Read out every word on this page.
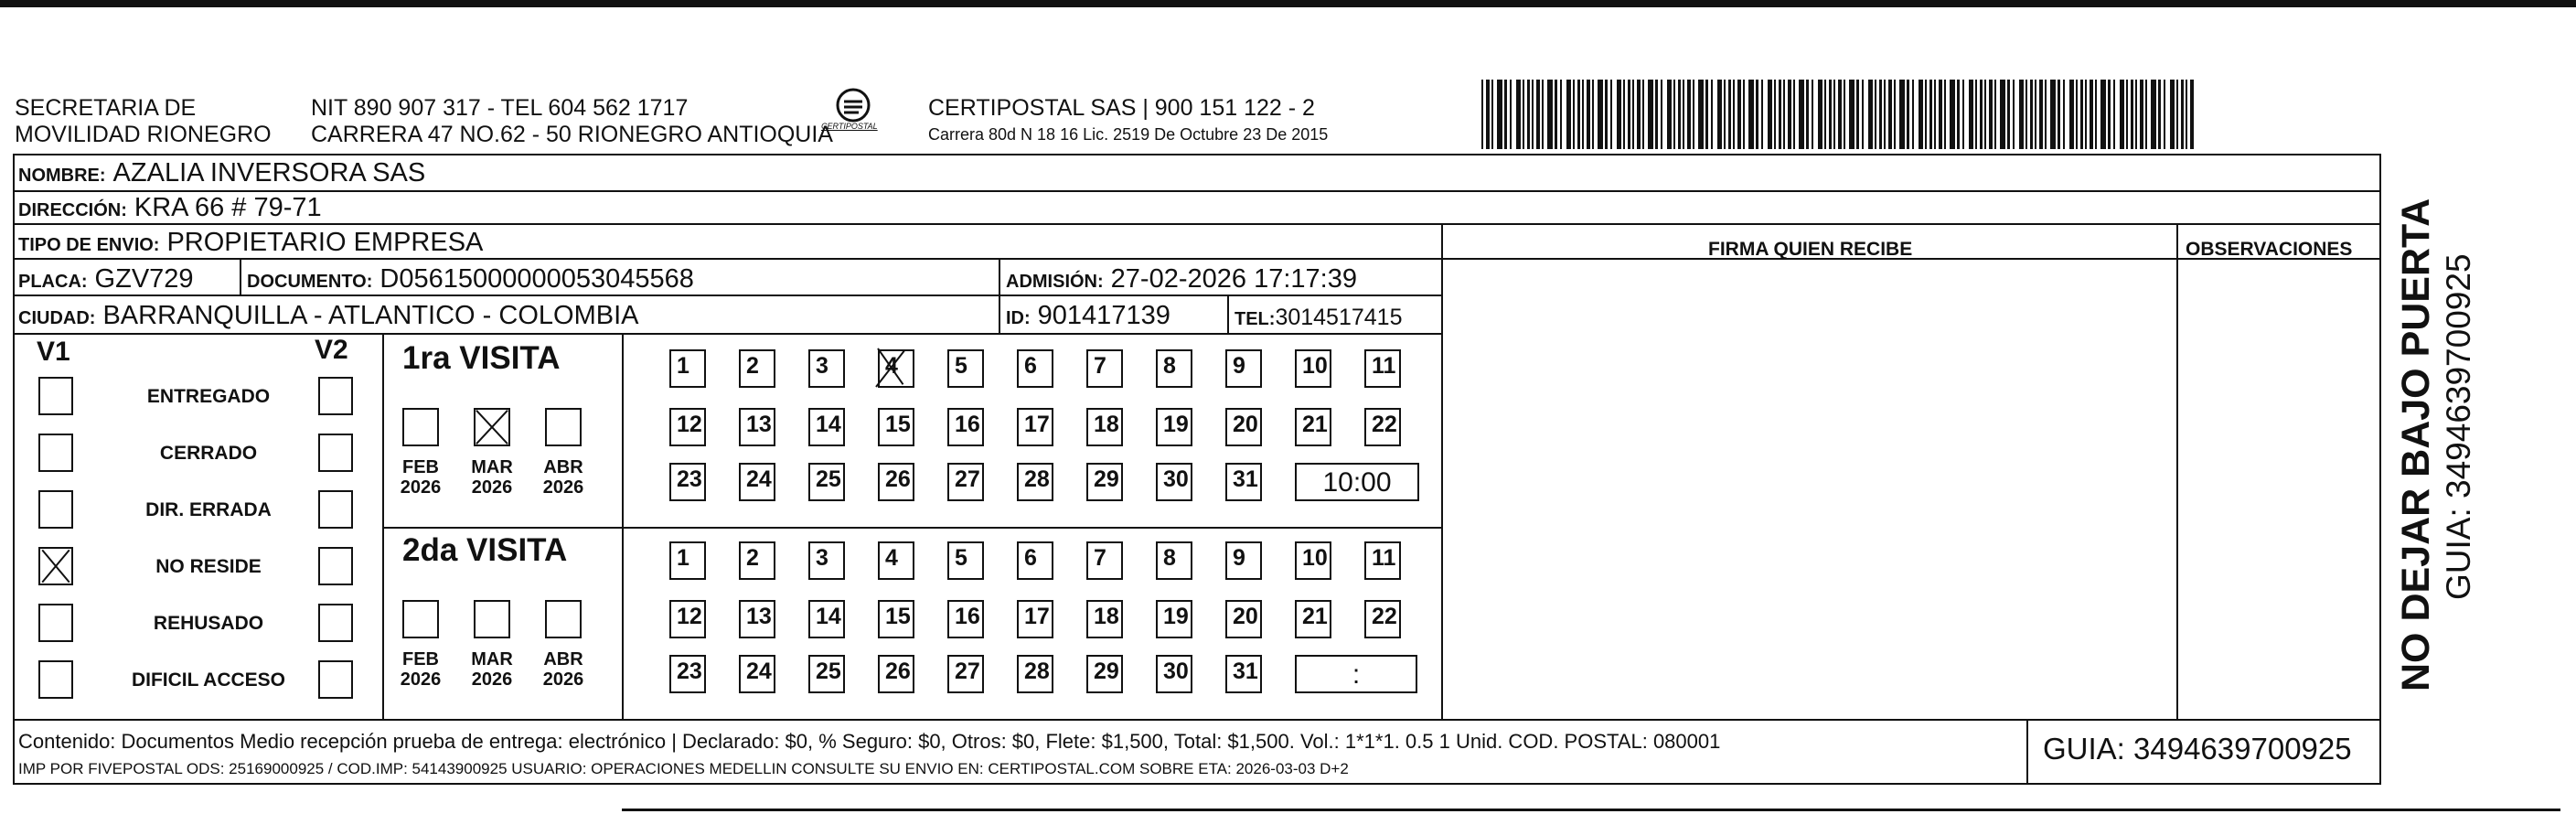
SECRETARIA DE
MOVILIDAD RIONEGRO
NIT 890 907 317 - TEL 604 562 1717
CARRERA 47 NO.62 - 50 RIONEGRO ANTIOQUIA
CERTIPOSTAL
CERTIPOSTAL SAS | 900 151 122 - 2
Carrera 80d N 18 16 Lic. 2519 De Octubre 23 De 2015
NOMBRE: AZALIA INVERSORA SAS
DIRECCIÓN: KRA 66 # 79-71
TIPO DE ENVIO: PROPIETARIO EMPRESA
PLACA: GZV729	DOCUMENTO: D05615000000053045568	ADMISIÓN: 27-02-2026 17:17:39
CIUDAD: BARRANQUILLA - ATLANTICO - COLOMBIA	ID: 901417139	TEL:3014517415
FIRMA QUIEN RECIBE	OBSERVACIONES
V1	V2
ENTREGADO
CERRADO
DIR. ERRADA
NO RESIDE
REHUSADO
DIFICIL ACCESO
1ra VISITA
FEB
2026
MAR
2026
ABR
2026
1	2	3	4	5	6	7	8	9	10	11
12	13	14	15	16	17	18	19	20	21	22
23	24	25	26	27	28	29	30	31	10:00
2da VISITA
FEB
2026
MAR
2026
ABR
2026
1	2	3	4	5	6	7	8	9	10	11
12	13	14	15	16	17	18	19	20	21	22
23	24	25	26	27	28	29	30	31	:
Contenido: Documentos Medio recepción prueba de entrega: electrónico | Declarado: $0, % Seguro: $0, Otros: $0, Flete: $1,500, Total: $1,500. Vol.: 1*1*1. 0.5 1 Unid. COD. POSTAL: 080001
IMP POR FIVEPOSTAL ODS: 25169000925 / COD.IMP: 54143900925 USUARIO: OPERACIONES MEDELLIN CONSULTE SU ENVIO EN: CERTIPOSTAL.COM SOBRE ETA: 2026-03-03 D+2
GUIA: 3494639700925
NO DEJAR BAJO PUERTA GUIA: 3494639700925
